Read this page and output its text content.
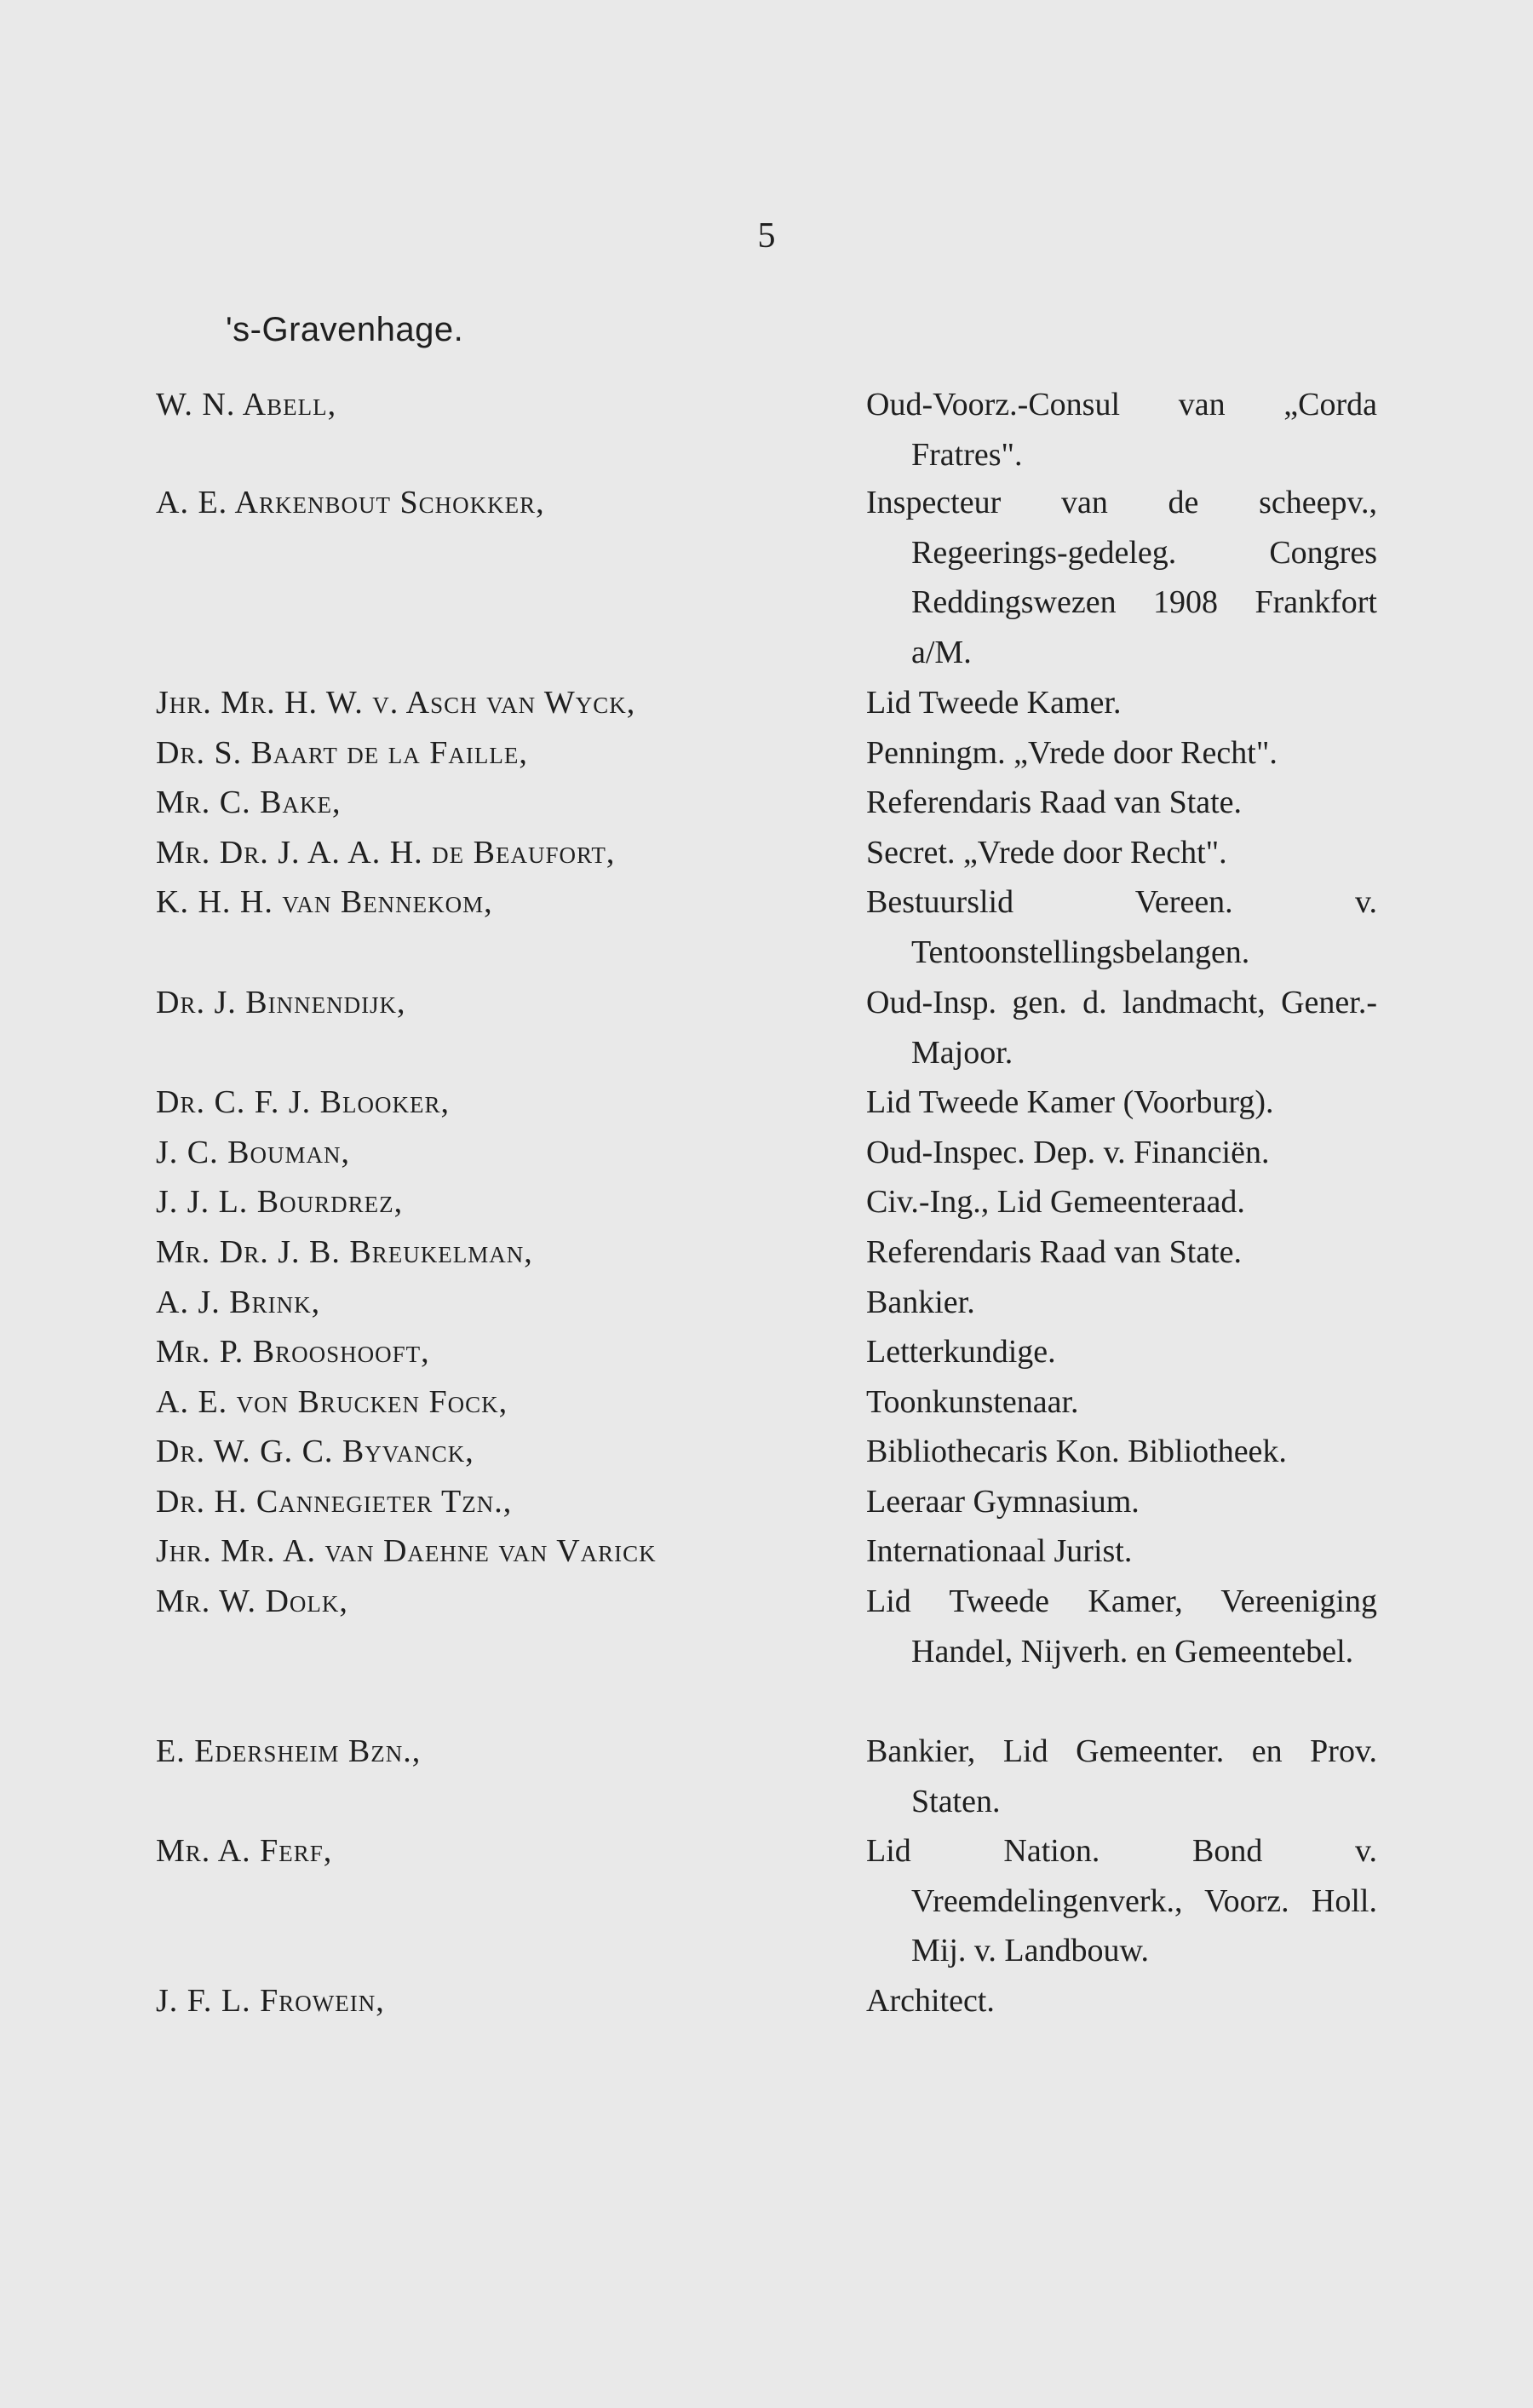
5
's-Gravenhage.
W. N. Abell,	Oud-Voorz.-Consul van „Corda Fratres".
A. E. Arkenbout Schokker,	Inspecteur van de scheepv., Regeerings-gedeleg. Congres Reddingswezen 1908 Frankfort a/M.
Jhr. Mr. H. W. v. Asch van Wyck,	Lid Tweede Kamer.
Dr. S. Baart de la Faille,	Penningm. „Vrede door Recht".
Mr. C. Bake,	Referendaris Raad van State.
Mr. Dr. J. A. A. H. de Beaufort,	Secret. „Vrede door Recht".
K. H. H. van Bennekom,	Bestuurslid Vereen. v. Tentoonstellingsbelangen.
Dr. J. Binnendijk,	Oud-Insp. gen. d. landmacht, Gener.-Majoor.
Dr. C. F. J. Blooker,	Lid Tweede Kamer (Voorburg).
J. C. Bouman,	Oud-Inspec. Dep. v. Financiën.
J. J. L. Bourdrez,	Civ.-Ing., Lid Gemeenteraad.
Mr. Dr. J. B. Breukelman,	Referendaris Raad van State.
A. J. Brink,	Bankier.
Mr. P. Brooshooft,	Letterkundige.
A. E. von Brucken Fock,	Toonkunstenaar.
Dr. W. G. C. Byvanck,	Bibliothecaris Kon. Bibliotheek.
Dr. H. Cannegieter Tzn.,	Leeraar Gymnasium.
Jhr. Mr. A. van Daehne van Varick	Internationaal Jurist.
Mr. W. Dolk,	Lid Tweede Kamer, Vereeniging Handel, Nijverh. en Gemeentebel.
E. Edersheim Bzn.,	Bankier, Lid Gemeenter. en Prov. Staten.
Mr. A. Ferf,	Lid Nation. Bond v. Vreemdelingenverk., Voorz. Holl. Mij. v. Landbouw.
J. F. L. Frowein,	Architect.
